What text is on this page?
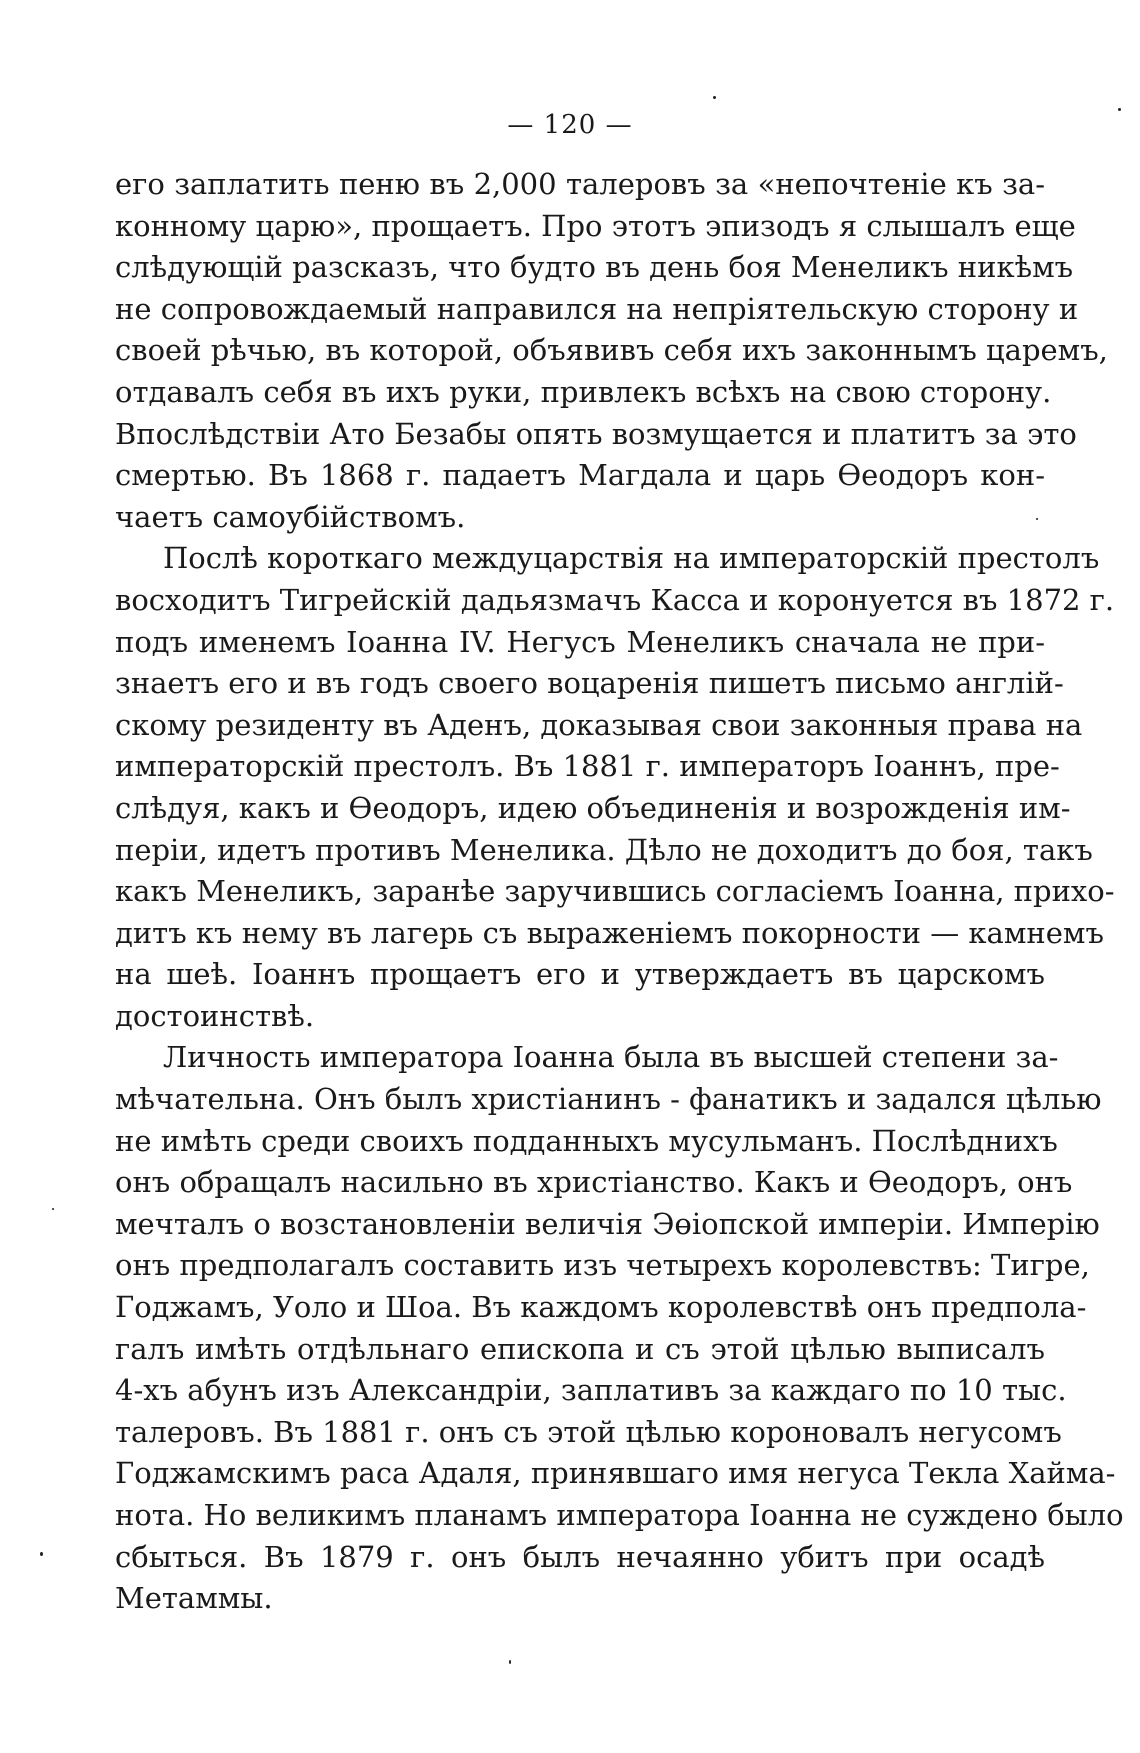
— 120 —
его заплатить пеню въ 2,000 талеровъ за «непочтеніе къ за-
конному царю», прощаетъ. Про этотъ эпизодъ я слышалъ еще
слѣдующій разсказъ, что будто въ день боя Менеликъ никѣмъ
не сопровождаемый направился на непріятельскую сторону и
своей рѣчью, въ которой, объявивъ себя ихъ законнымъ царемъ,
отдавалъ себя въ ихъ руки, привлекъ всѣхъ на свою сторону.
Впослѣдствіи Ато Безабы опять возмущается и платитъ за это
смертью. Въ 1868 г. падаетъ Магдала и царь Өеодоръ кон-
чаетъ самоубійствомъ.
Послѣ короткаго междуцарствія на императорскій престолъ
восходитъ Тигрейскій дадьязмачъ Касса и коронуется въ 1872 г.
подъ именемъ Іоанна IV. Негусъ Менеликъ сначала не при-
знаетъ его и въ годъ своего воцаренія пишетъ письмо англій-
скому резиденту въ Аденъ, доказывая свои законныя права на
императорскій престолъ. Въ 1881 г. императоръ Іоаннъ, пре-
слѣдуя, какъ и Өеодоръ, идею объединенія и возрожденія им-
періи, идетъ противъ Менелика. Дѣло не доходитъ до боя, такъ
какъ Менеликъ, заранѣе заручившись согласіемъ Іоанна, прихо-
дитъ къ нему въ лагерь съ выраженіемъ покорности — камнемъ
на шеѣ. Іоаннъ прощаетъ его и утверждаетъ въ царскомъ
достоинствѣ.
Личность императора Іоанна была въ высшей степени за-
мѣчательна. Онъ былъ христіанинъ - фанатикъ и задался цѣлью
не имѣть среди своихъ подданныхъ мусульманъ. Послѣднихъ
онъ обращалъ насильно въ христіанство. Какъ и Өеодоръ, онъ
мечталъ о возстановленіи величія Эөіопской имперіи. Имперію
онъ предполагалъ составить изъ четырехъ королевствъ: Тигре,
Годжамъ, Уоло и Шоа. Въ каждомъ королевствѣ онъ предпола-
галъ имѣть отдѣльнаго епископа и съ этой цѣлью выписалъ
4-хъ абунъ изъ Александріи, заплативъ за каждаго по 10 тыс.
талеровъ. Въ 1881 г. онъ съ этой цѣлью короновалъ негусомъ
Годжамскимъ раса Адаля, принявшаго имя негуса Текла Хайма-
нота. Но великимъ планамъ императора Іоанна не суждено было
сбыться. Въ 1879 г. онъ былъ нечаянно убитъ при осадѣ
Метаммы.
